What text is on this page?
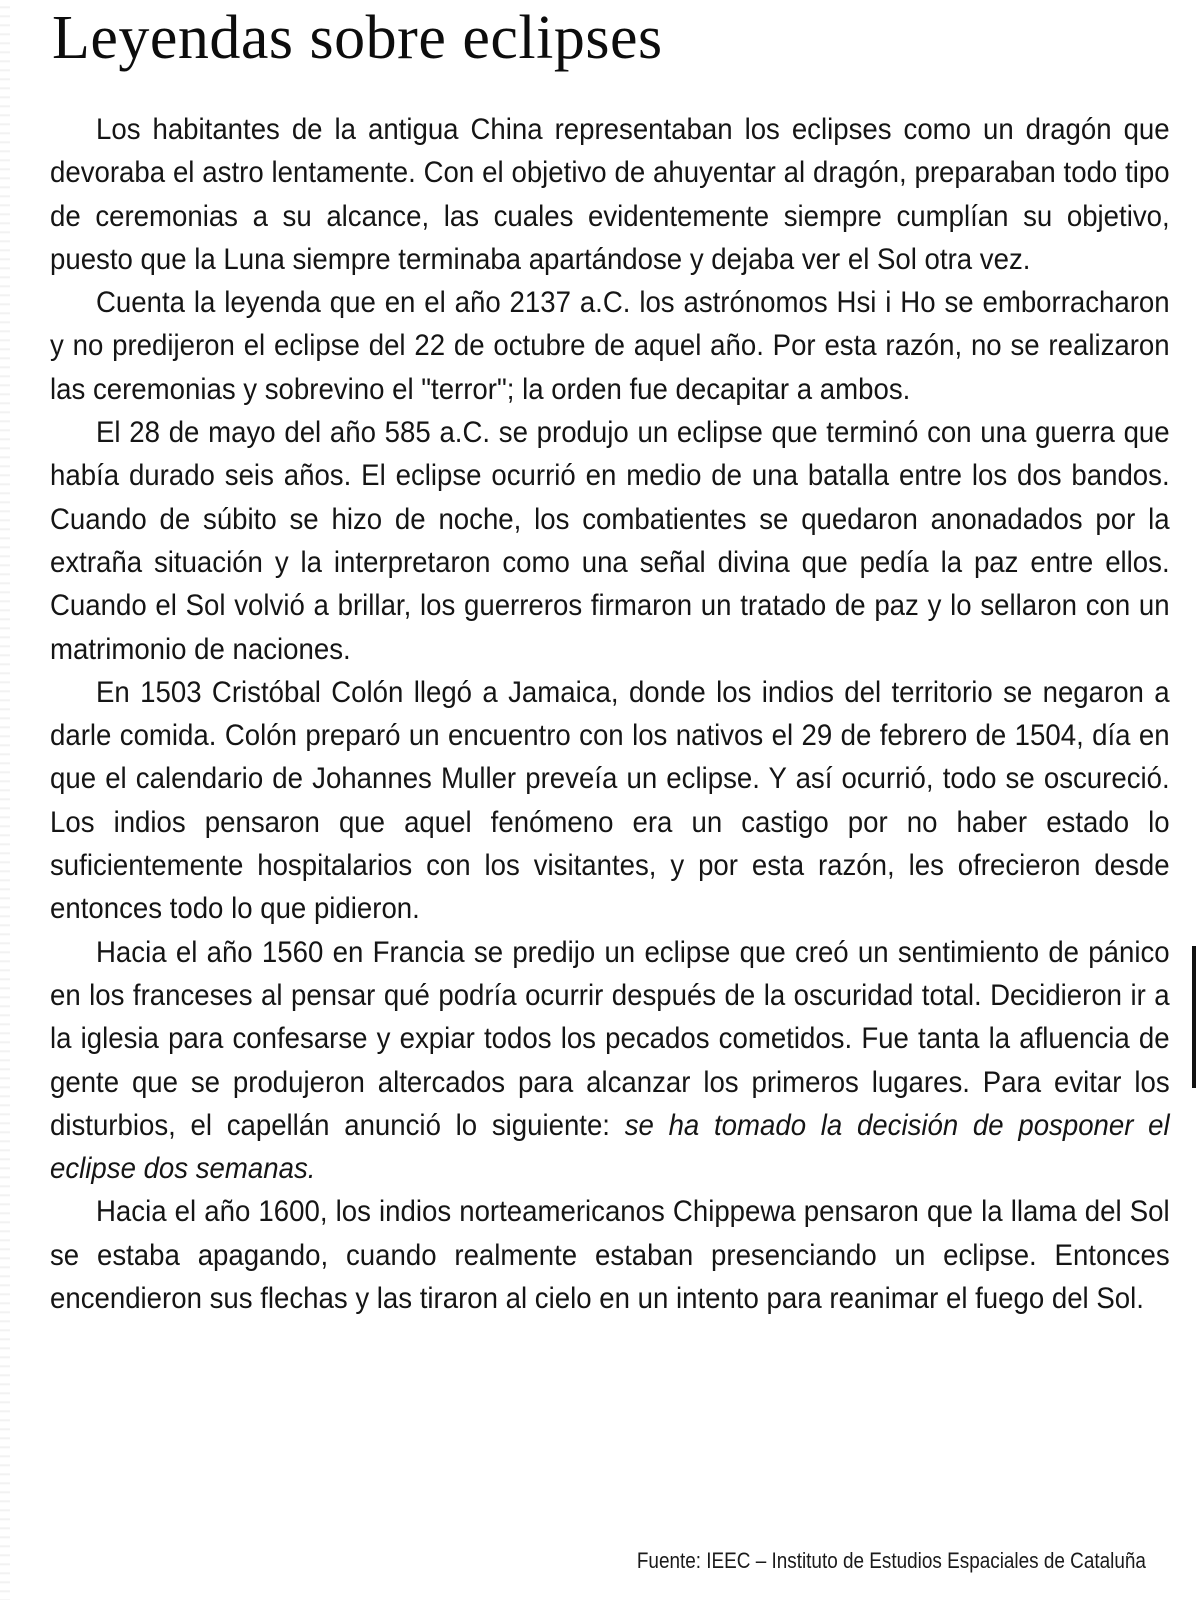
Leyendas sobre eclipses

Los habitantes de la antigua China representaban los eclipses como un dragón que devoraba el astro lentamente. Con el objetivo de ahuyentar al dragón, preparaban todo tipo de ceremonias a su alcance, las cuales evidentemente siempre cumplían su objetivo, puesto que la Luna siempre terminaba apartándose y dejaba ver el Sol otra vez.

Cuenta la leyenda que en el año 2137 a.C. los astrónomos Hsi i Ho se emborracharon y no predijeron el eclipse del 22 de octubre de aquel año. Por esta razón, no se realizaron las ceremonias y sobrevino el "terror"; la orden fue decapitar a ambos.

El 28 de mayo del año 585 a.C. se produjo un eclipse que terminó con una guerra que había durado seis años. El eclipse ocurrió en medio de una batalla entre los dos bandos. Cuando de súbito se hizo de noche, los combatientes se quedaron anonadados por la extraña situación y la interpretaron como una señal divina que pedía la paz entre ellos. Cuando el Sol volvió a brillar, los guerreros firmaron un tratado de paz y lo sellaron con un matrimonio de naciones.

En 1503 Cristóbal Colón llegó a Jamaica, donde los indios del territorio se negaron a darle comida. Colón preparó un encuentro con los nativos el 29 de febrero de 1504, día en que el calendario de Johannes Muller preveía un eclipse. Y así ocurrió, todo se oscureció. Los indios pensaron que aquel fenómeno era un castigo por no haber estado lo suficientemente hospitalarios con los visitantes, y por esta razón, les ofrecieron desde entonces todo lo que pidieron.

Hacia el año 1560 en Francia se predijo un eclipse que creó un sentimiento de pánico en los franceses al pensar qué podría ocurrir después de la oscuridad total. Decidieron ir a la iglesia para confesarse y expiar todos los pecados cometidos. Fue tanta la afluencia de gente que se produjeron altercados para alcanzar los primeros lugares. Para evitar los disturbios, el capellán anunció lo siguiente: se ha tomado la decisión de posponer el eclipse dos semanas.

Hacia el año 1600, los indios norteamericanos Chippewa pensaron que la llama del Sol se estaba apagando, cuando realmente estaban presenciando un eclipse. Entonces encendieron sus flechas y las tiraron al cielo en un intento para reanimar el fuego del Sol.

Fuente: IEEC – Instituto de Estudios Espaciales de Cataluña
